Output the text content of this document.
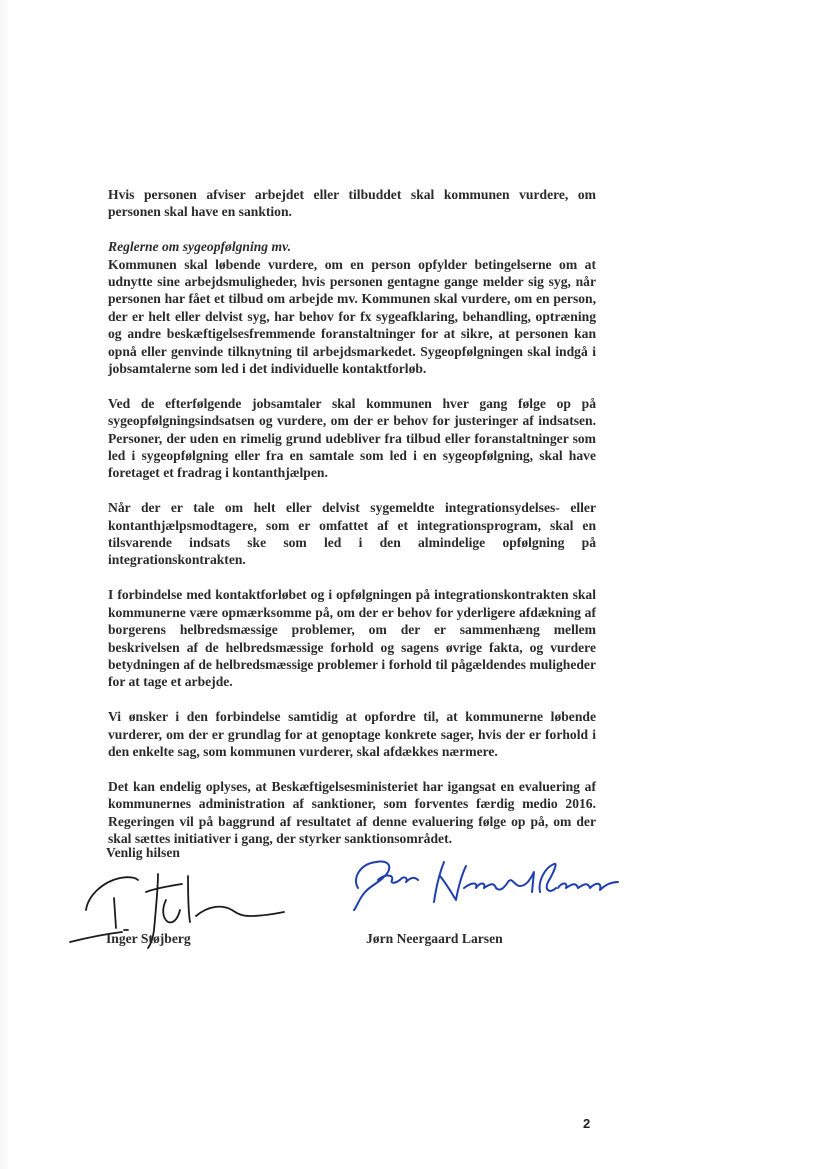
Hvis personen afviser arbejdet eller tilbuddet skal kommunen vurdere, om personen skal have en sanktion.

Reglerne om sygeopfølgning mv.
Kommunen skal løbende vurdere, om en person opfylder betingelserne om at udnytte sine arbejdsmuligheder, hvis personen gentagne gange melder sig syg, når personen har fået et tilbud om arbejde mv. Kommunen skal vurdere, om en person, der er helt eller delvist syg, har behov for fx sygeafklaring, behandling, optræning og andre beskæftigelsesfremmende foranstaltninger for at sikre, at personen kan opnå eller genvinde tilknytning til arbejdsmarkedet. Sygeopfølgningen skal indgå i jobsamtalerne som led i det individuelle kontaktforløb.

Ved de efterfølgende jobsamtaler skal kommunen hver gang følge op på sygeopfølgningsindsatsen og vurdere, om der er behov for justeringer af indsatsen. Personer, der uden en rimelig grund udebliver fra tilbud eller foranstaltninger som led i sygeopfølgning eller fra en samtale som led i en sygeopfølgning, skal have foretaget et fradrag i kontanthjælpen.

Når der er tale om helt eller delvist sygemeldte integrationsydelses- eller kontanthjælpsmodtagere, som er omfattet af et integrationsprogram, skal en tilsvarende indsats ske som led i den almindelige opfølgning på integrationskontrakten.

I forbindelse med kontaktforløbet og i opfølgningen på integrationskontrakten skal kommunerne være opmærksomme på, om der er behov for yderligere afdækning af borgerens helbredsmæssige problemer, om der er sammenhæng mellem beskrivelsen af de helbredsmæssige forhold og sagens øvrige fakta, og vurdere betydningen af de helbredsmæssige problemer i forhold til pågældendes muligheder for at tage et arbejde.

Vi ønsker i den forbindelse samtidig at opfordre til, at kommunerne løbende vurderer, om der er grundlag for at genoptage konkrete sager, hvis der er forhold i den enkelte sag, som kommunen vurderer, skal afdækkes nærmere.

Det kan endelig oplyses, at Beskæftigelsesministeriet har igangsat en evaluering af kommunernes administration af sanktioner, som forventes færdig medio 2016. Regeringen vil på baggrund af resultatet af denne evaluering følge op på, om der skal sættes initiativer i gang, der styrker sanktionsområdet.

Venlig hilsen
Inger Støjberg	Jørn Neergaard Larsen
2
